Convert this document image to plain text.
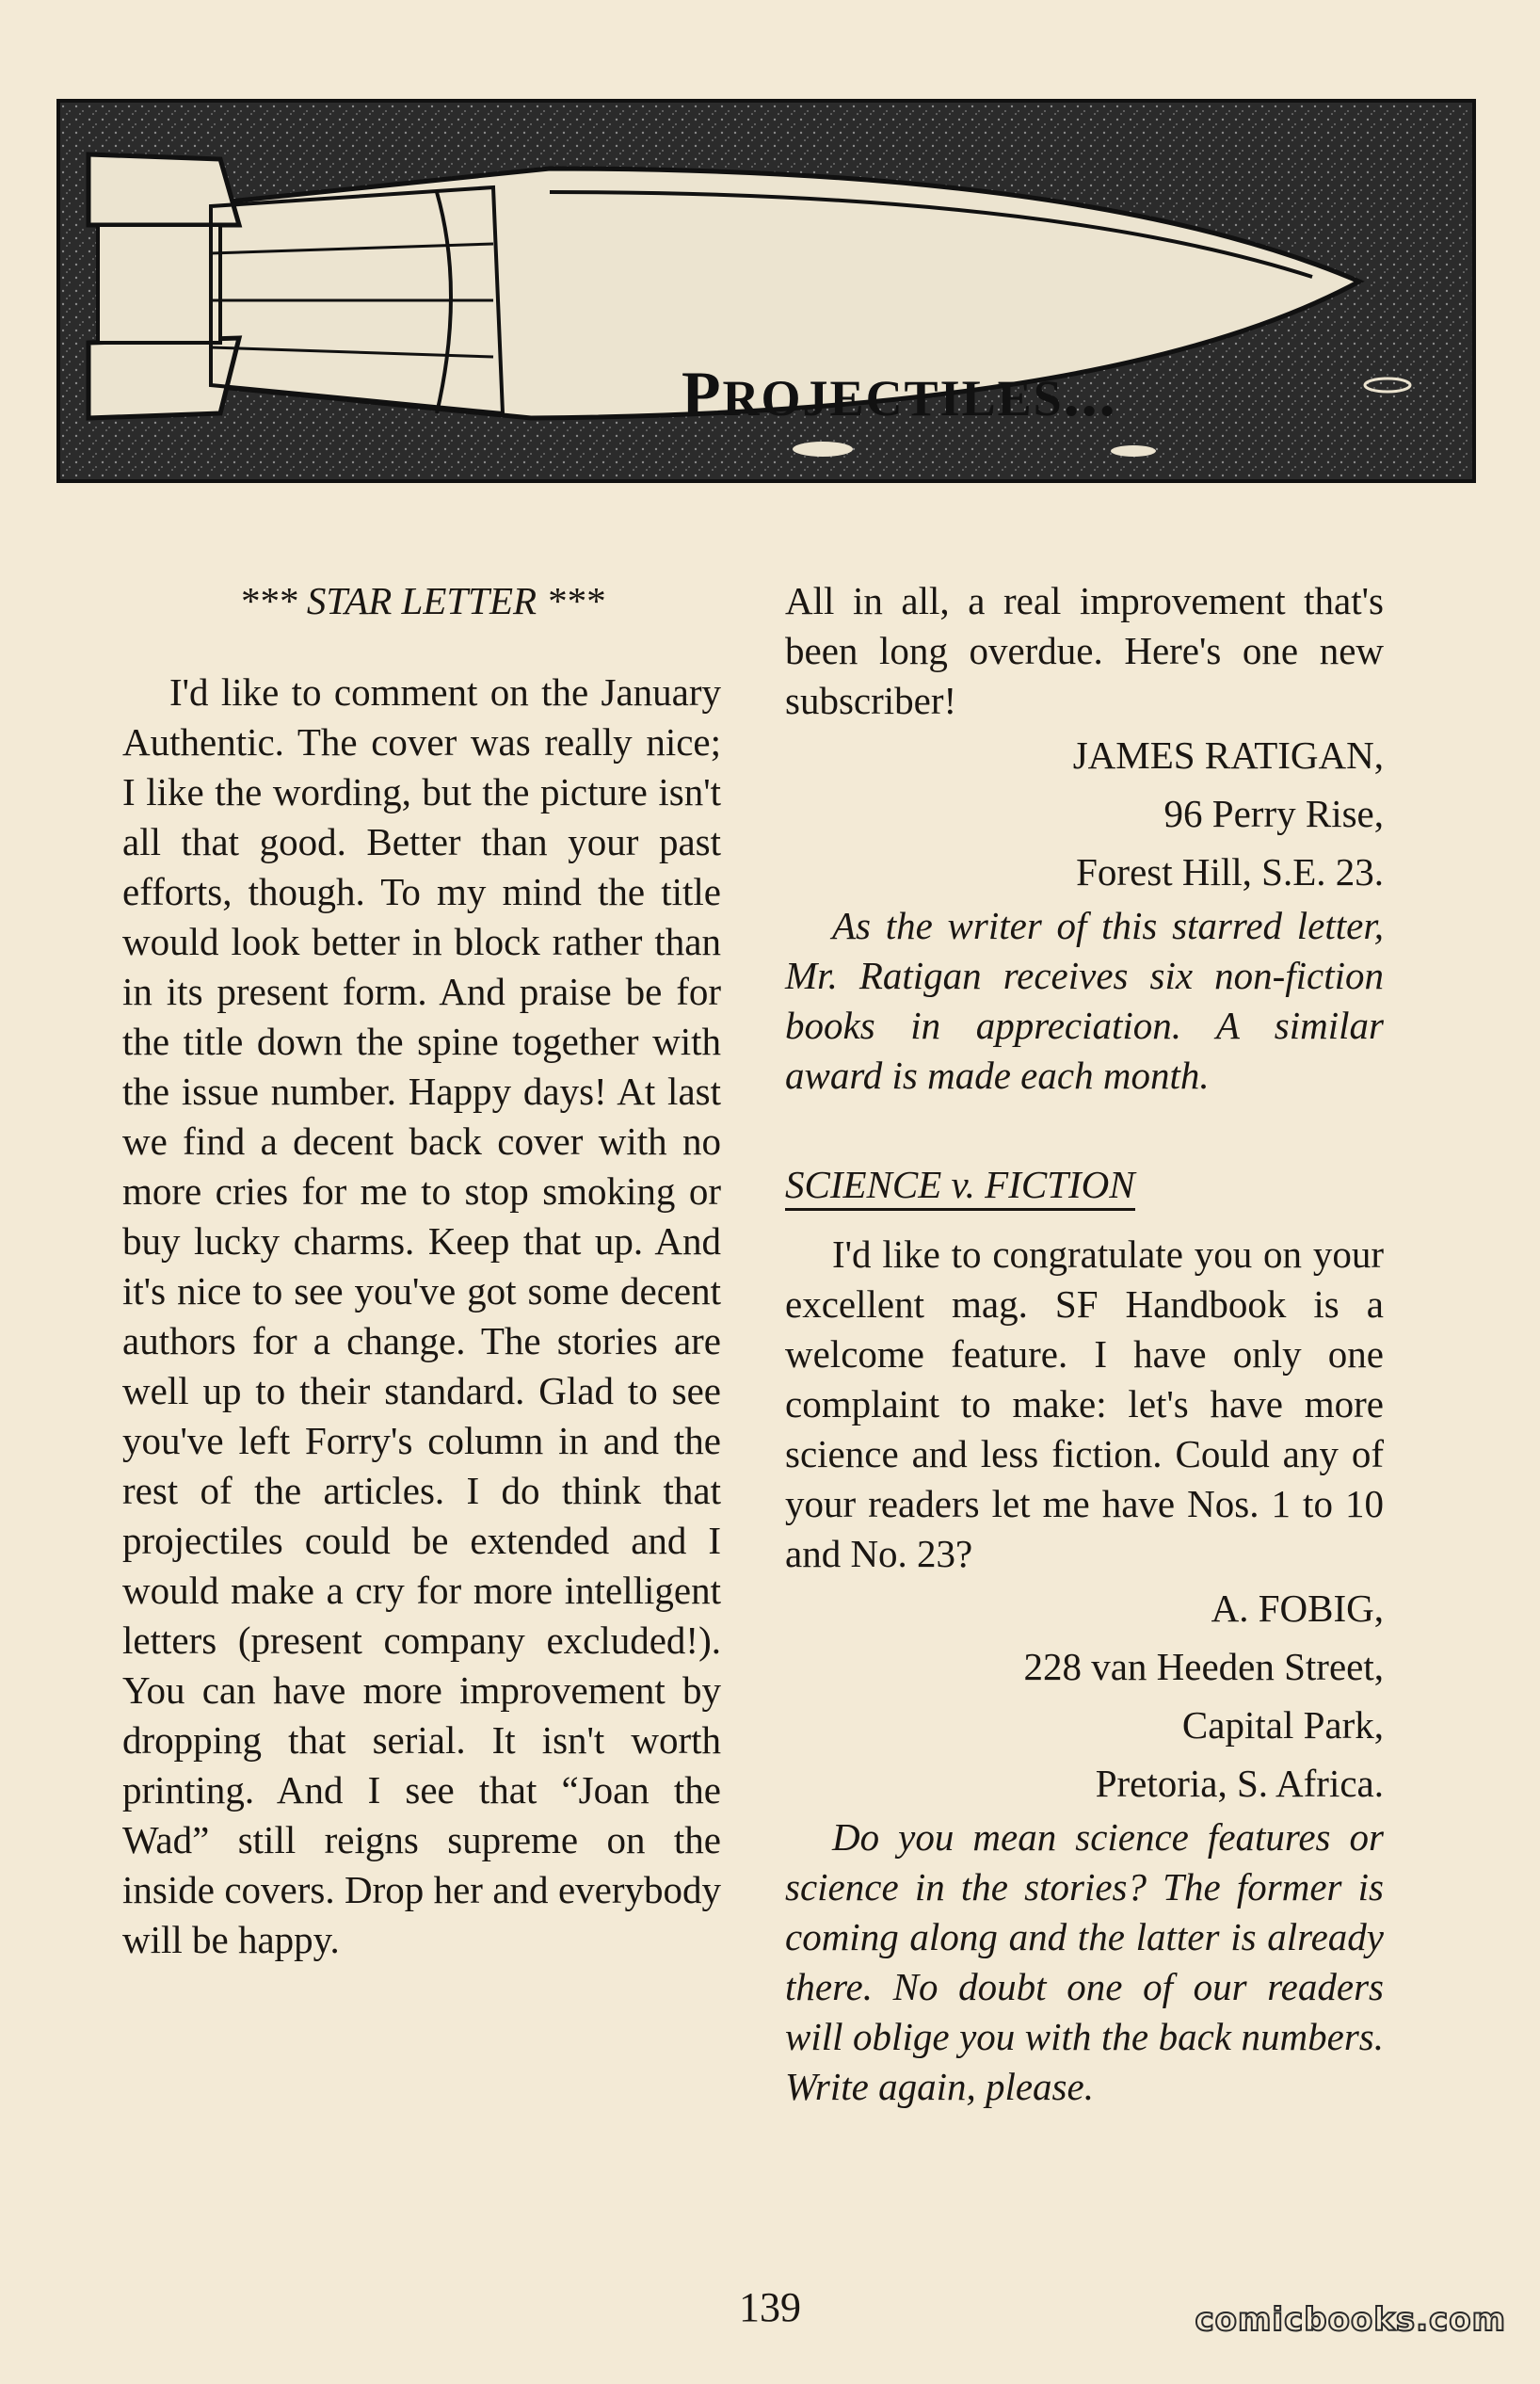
PROJECTILES...

*** STAR LETTER ***

I'd like to comment on the January Authentic. The cover was really nice; I like the wording, but the picture isn't all that good. Better than your past efforts, though. To my mind the title would look better in block rather than in its present form. And praise be for the title down the spine together with the issue number. Happy days! At last we find a decent back cover with no more cries for me to stop smoking or buy lucky charms. Keep that up. And it's nice to see you've got some decent authors for a change. The stories are well up to their standard. Glad to see you've left Forry's column in and the rest of the articles. I do think that projectiles could be extended and I would make a cry for more intelligent letters (present company excluded!). You can have more improvement by dropping that serial. It isn't worth printing. And I see that “Joan the Wad” still reigns supreme on the inside covers. Drop her and everybody will be happy.

All in all, a real improvement that's been long overdue. Here's one new subscriber!

JAMES RATIGAN,

96 Perry Rise,

Forest Hill, S.E. 23.

As the writer of this starred letter, Mr. Ratigan receives six non-fiction books in appreciation. A similar award is made each month.

SCIENCE v. FICTION

I'd like to congratulate you on your excellent mag. SF Handbook is a welcome feature. I have only one complaint to make: let's have more science and less fiction. Could any of your readers let me have Nos. 1 to 10 and No. 23?

A. FOBIG,

228 van Heeden Street,

Capital Park,

Pretoria, S. Africa.

Do you mean science features or science in the stories? The former is coming along and the latter is already there. No doubt one of our readers will oblige you with the back numbers. Write again, please.

139	comicbooks.com
